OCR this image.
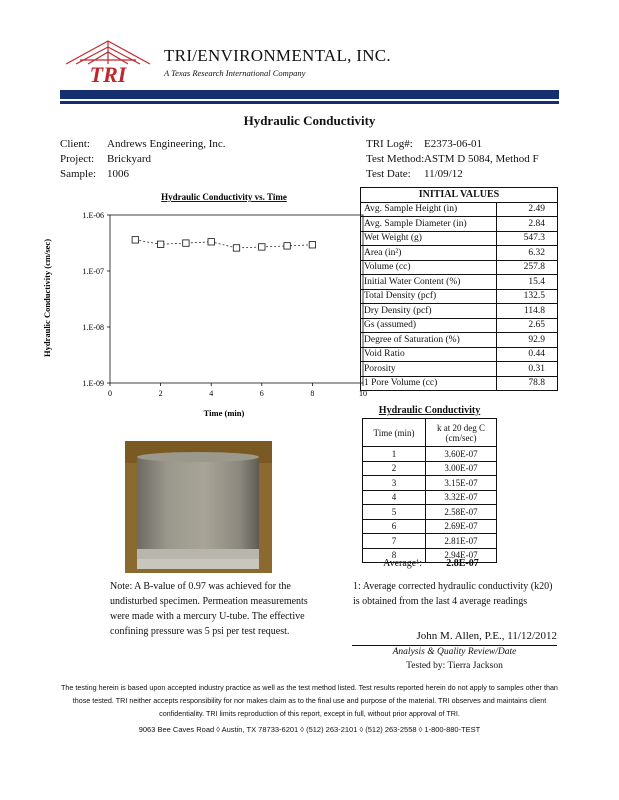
TRI
TRI/ENVIRONMENTAL, INC.
A Texas Research International Company
Hydraulic Conductivity
Client: Andrews Engineering, Inc.
Project: Brickyard
Sample: 1006
TRI Log#: E2373-06-01
Test Method:ASTM D 5084, Method F
Test Date: 11/09/12
Hydraulic Conductivity vs. Time
1.E-09
1.E-08
1.E-07
1.E-06
0	2	4	6	8	10
Time (min)
Hydraulic Conductivity (cm/sec)
INITIAL VALUES	
Avg. Sample Height (in)	2.49
Avg. Sample Diameter (in)	2.84
Wet Weight (g)	547.3
Area (in²)	6.32
Volume (cc)	257.8
Initial Water Content (%)	15.4
Total Density (pcf)	132.5
Dry Density (pcf)	114.8
Gs (assumed)	2.65
Degree of Saturation (%)	92.9
Void Ratio	0.44
Porosity	0.31
1 Pore Volume (cc)	78.8
Hydraulic Conductivity
Time (min)	k at 20 deg C (cm/sec)
1	3.60E-07
2	3.00E-07
3	3.15E-07
4	3.32E-07
5	2.58E-07
6	2.69E-07
7	2.81E-07
8	2.94E-07
Average¹:	2.8E-07
Note: A B-value of 0.97 was achieved for the undisturbed specimen. Permeation measurements were made with a mercury U-tube. The effective confining pressure was 5 psi per test request.
1: Average corrected hydraulic conductivity (k20) is obtained from the last 4 average readings
John M. Allen, P.E., 11/12/2012
Analysis & Quality Review/Date
Tested by: Tierra Jackson
The testing herein is based upon accepted industry practice as well as the test method listed. Test results reported herein do not apply to samples other than those tested. TRI neither accepts responsibility for nor makes claim as to the final use and purpose of the material. TRI observes and maintains client confidentiality. TRI limits reproduction of this report, except in full, without prior approval of TRI.
9063 Bee Caves Road ◊ Austin, TX 78733-6201 ◊ (512) 263-2101 ◊ (512) 263-2558 ◊ 1-800-880-TEST
